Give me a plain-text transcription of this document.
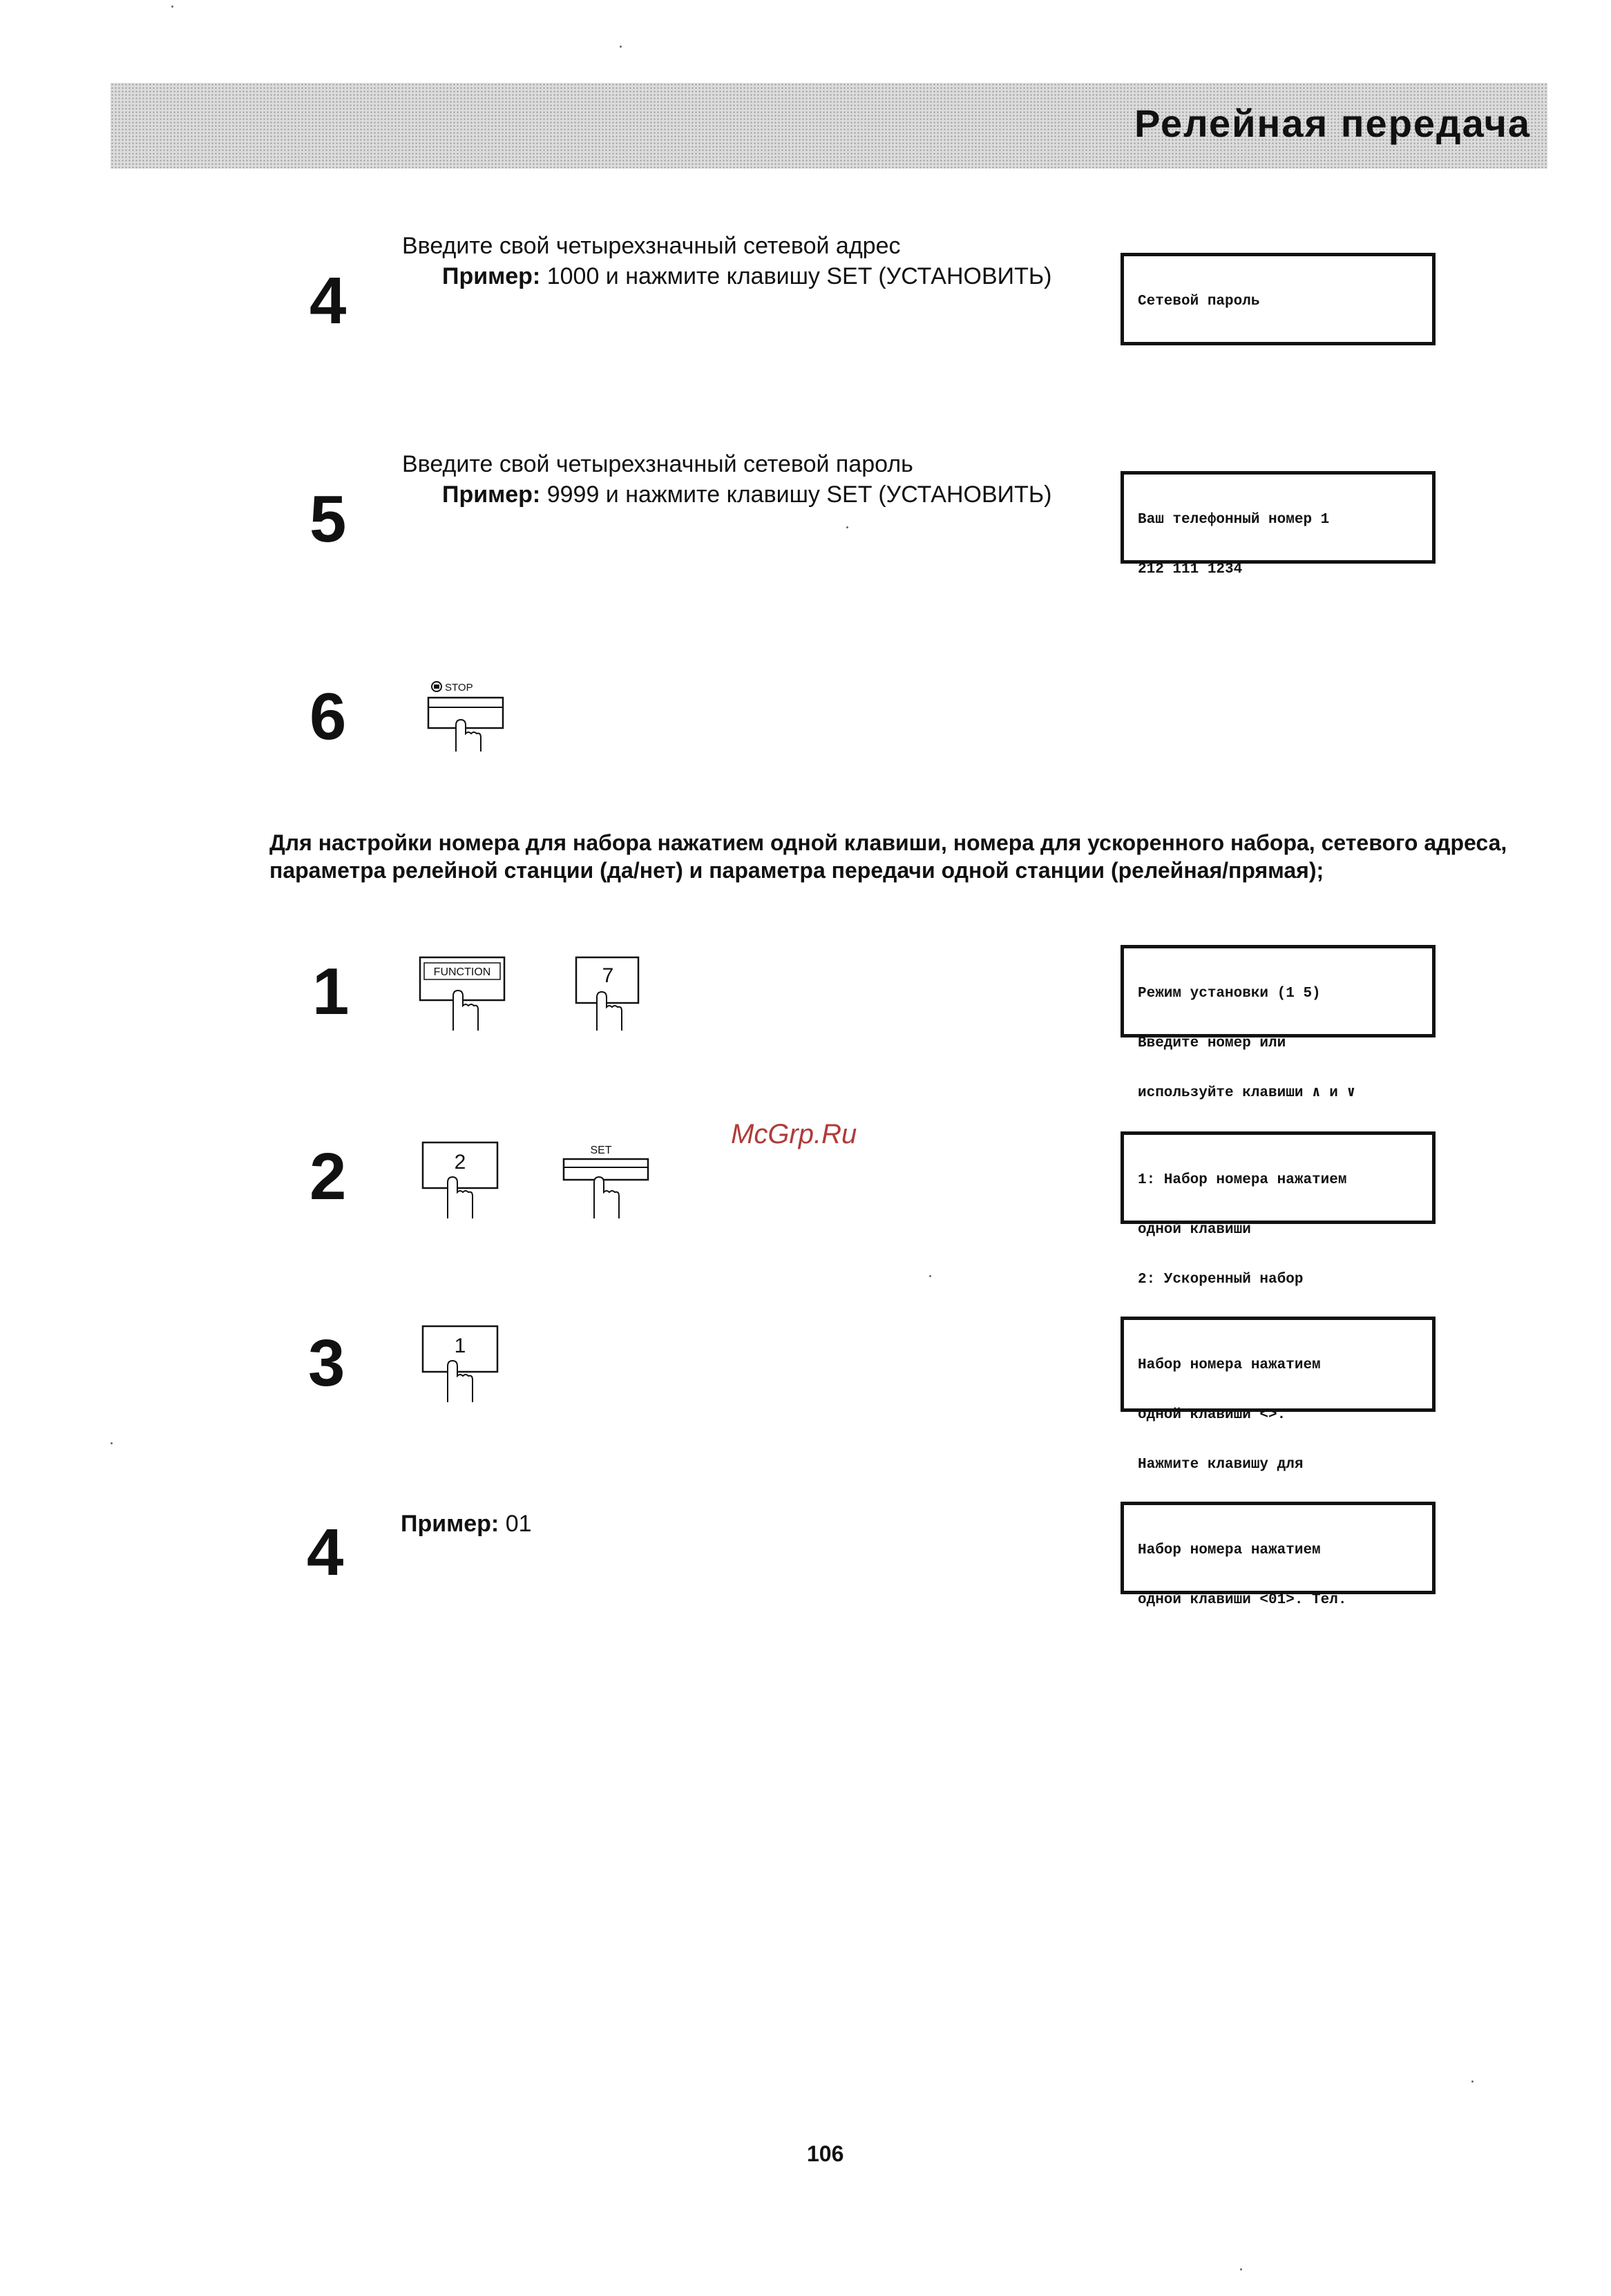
Релейная передача
4
Введите свой четырехзначный сетевой адрес
Пример: 1000 и нажмите клавишу SET (УСТАНОВИТЬ)

Сетевой пароль

5
Введите свой четырехзначный сетевой пароль
Пример: 9999 и нажмите клавишу SET (УСТАНОВИТЬ)

Ваш телефонный номер 1

212 111 1234

6	STOP
Для настройки номера для набора нажатием одной клавиши, номера для ускоренного набора, сетевого адреса, параметра релейной станции (да/нет) и параметра передачи одной станции (релейная/прямая);
1	FUNCTION	7

Режим установки (1 5)

Введите номер или

используйте клавиши ∧ и ∨

2	2
SET

1: Набор номера нажатием

одной клавиши

2: Ускоренный набор

3	1

Набор номера нажатием

одной клавиши <>.

Нажмите клавишу для

4 Пример: 01

Набор номера нажатием

одной клавиши <01>. Тел.

McGrp.Ru
106
